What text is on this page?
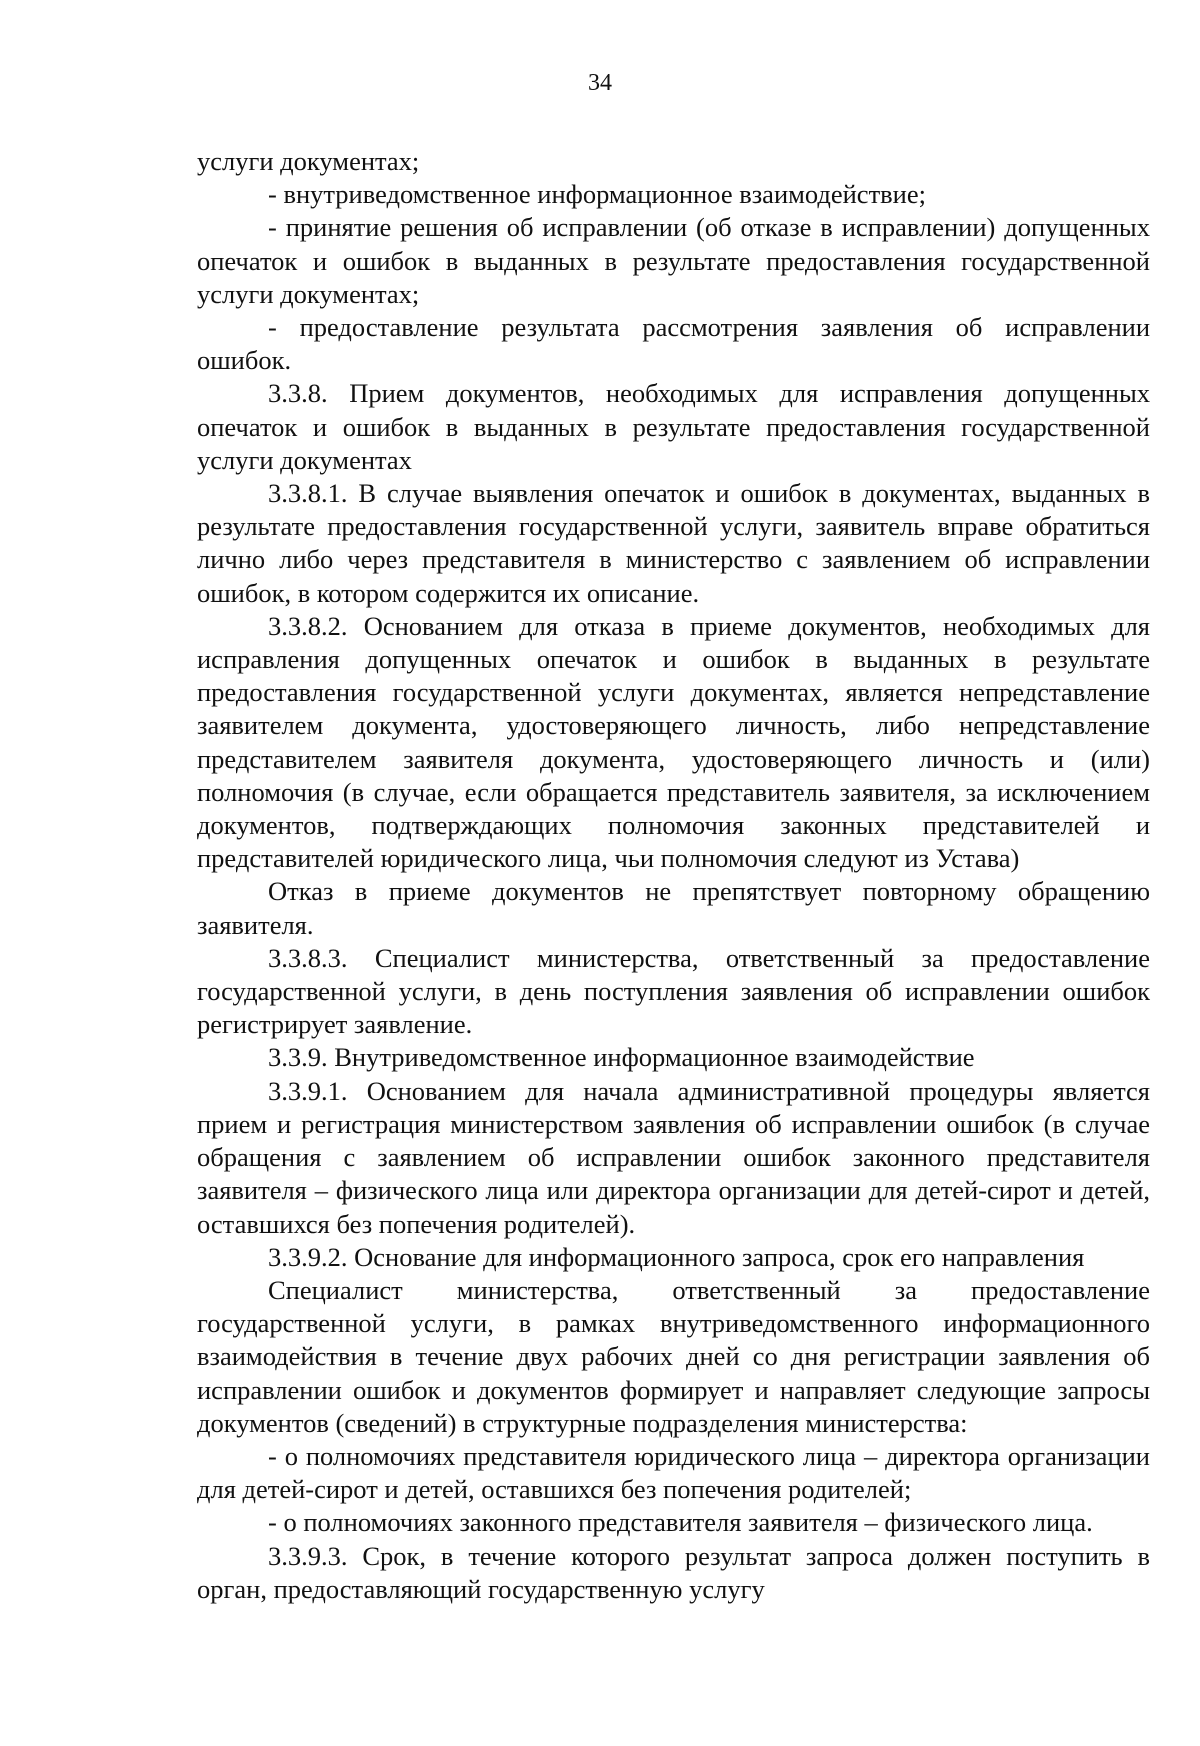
34

услуги документах;

- внутриведомственное информационное взаимодействие;

- принятие решения об исправлении (об отказе в исправлении) допущенных опечаток и ошибок в выданных в результате предоставления государственной услуги документах;

- предоставление результата рассмотрения заявления об исправлении ошибок.

3.3.8. Прием документов, необходимых для исправления допущенных опечаток и ошибок в выданных в результате предоставления государственной услуги документах

3.3.8.1. В случае выявления опечаток и ошибок в документах, выданных в результате предоставления государственной услуги, заявитель вправе обратиться лично либо через представителя в министерство с заявлением об исправлении ошибок, в котором содержится их описание.

3.3.8.2. Основанием для отказа в приеме документов, необходимых для исправления допущенных опечаток и ошибок в выданных в результате предоставления государственной услуги документах, является непредставление заявителем документа, удостоверяющего личность, либо непредставление представителем заявителя документа, удостоверяющего личность и (или) полномочия (в случае, если обращается представитель заявителя, за исключением документов, подтверждающих полномочия законных представителей и представителей юридического лица, чьи полномочия следуют из Устава)

Отказ в приеме документов не препятствует повторному обращению заявителя.

3.3.8.3. Специалист министерства, ответственный за предоставление государственной услуги, в день поступления заявления об исправлении ошибок регистрирует заявление.

3.3.9. Внутриведомственное информационное взаимодействие

3.3.9.1. Основанием для начала административной процедуры является прием и регистрация министерством заявления об исправлении ошибок (в случае обращения с заявлением об исправлении ошибок законного представителя заявителя – физического лица или директора организации для детей-сирот и детей, оставшихся без попечения родителей).

3.3.9.2. Основание для информационного запроса, срок его направления

Специалист министерства, ответственный за предоставление государственной услуги, в рамках внутриведомственного информационного взаимодействия в течение двух рабочих дней со дня регистрации заявления об исправлении ошибок и документов формирует и направляет следующие запросы документов (сведений) в структурные подразделения министерства:

- о полномочиях представителя юридического лица – директора организации для детей-сирот и детей, оставшихся без попечения родителей;

- о полномочиях законного представителя заявителя – физического лица.

3.3.9.3. Срок, в течение которого результат запроса должен поступить в орган, предоставляющий государственную услугу
